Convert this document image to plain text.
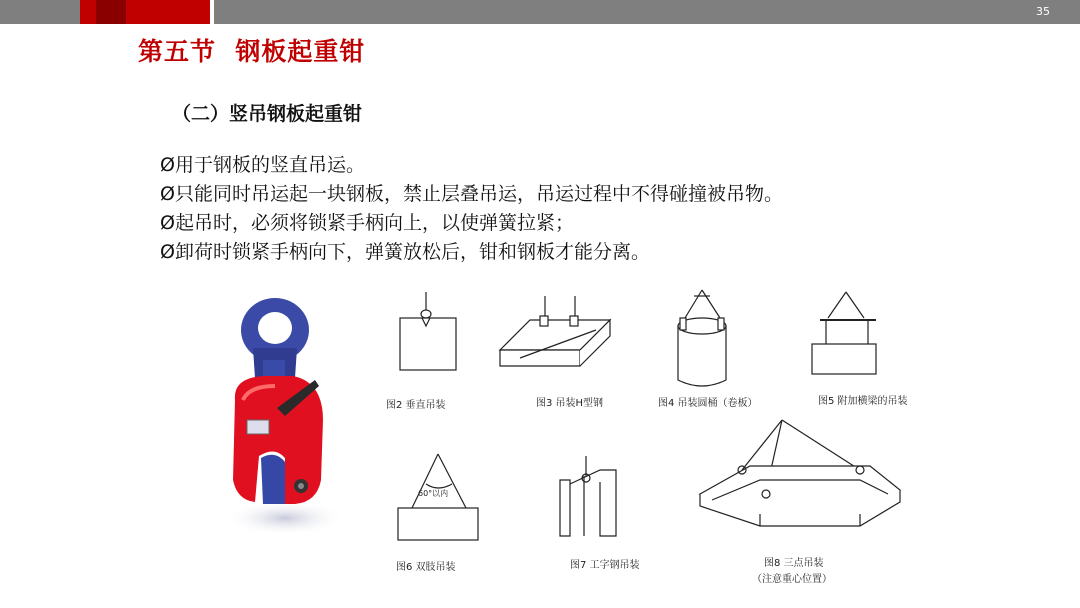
35
第五节  钢板起重钳
（二）竖吊钢板起重钳
Ø用于钢板的竖直吊运。
Ø只能同时吊运起一块钢板，禁止层叠吊运，吊运过程中不得碰撞被吊物。
Ø起吊时，必须将锁紧手柄向上，以使弹簧拉紧；
Ø卸荷时锁紧手柄向下，弹簧放松后，钳和钢板才能分离。
图2 垂直吊装	图3 吊装H型钢	图4 吊装圆桶（卷板）	图5 附加横梁的吊装
60°以内
图6 双肢吊装	图7 工字钢吊装	图8 三点吊装
（注意重心位置）
